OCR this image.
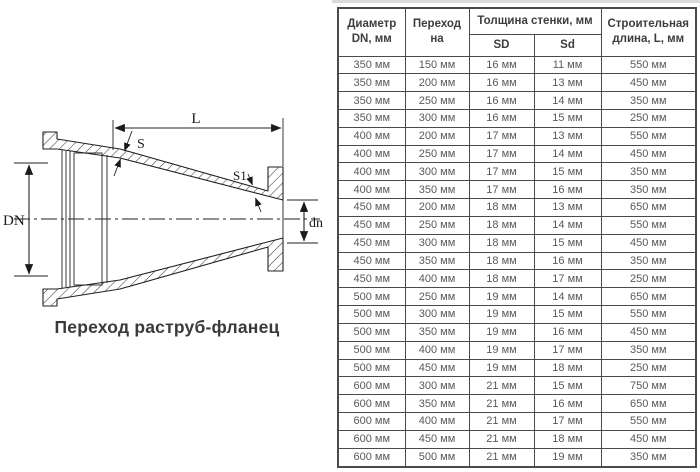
L
DN	dn
S
S1
Переход раструб-фланец
Диаметр DN, мм	Переход на	Толщина стенки, мм		Строительная длина, L, мм
		SD	Sd	
350 мм	150 мм	16 мм	11 мм	550 мм
350 мм	200 мм	16 мм	13 мм	450 мм
350 мм	250 мм	16 мм	14 мм	350 мм
350 мм	300 мм	16 мм	15 мм	250 мм
400 мм	200 мм	17 мм	13 мм	550 мм
400 мм	250 мм	17 мм	14 мм	450 мм
400 мм	300 мм	17 мм	15 мм	350 мм
400 мм	350 мм	17 мм	16 мм	350 мм
450 мм	200 мм	18 мм	13 мм	650 мм
450 мм	250 мм	18 мм	14 мм	550 мм
450 мм	300 мм	18 мм	15 мм	450 мм
450 мм	350 мм	18 мм	16 мм	350 мм
450 мм	400 мм	18 мм	17 мм	250 мм
500 мм	250 мм	19 мм	14 мм	650 мм
500 мм	300 мм	19 мм	15 мм	550 мм
500 мм	350 мм	19 мм	16 мм	450 мм
500 мм	400 мм	19 мм	17 мм	350 мм
500 мм	450 мм	19 мм	18 мм	250 мм
600 мм	300 мм	21 мм	15 мм	750 мм
600 мм	350 мм	21 мм	16 мм	650 мм
600 мм	400 мм	21 мм	17 мм	550 мм
600 мм	450 мм	21 мм	18 мм	450 мм
600 мм	500 мм	21 мм	19 мм	350 мм
